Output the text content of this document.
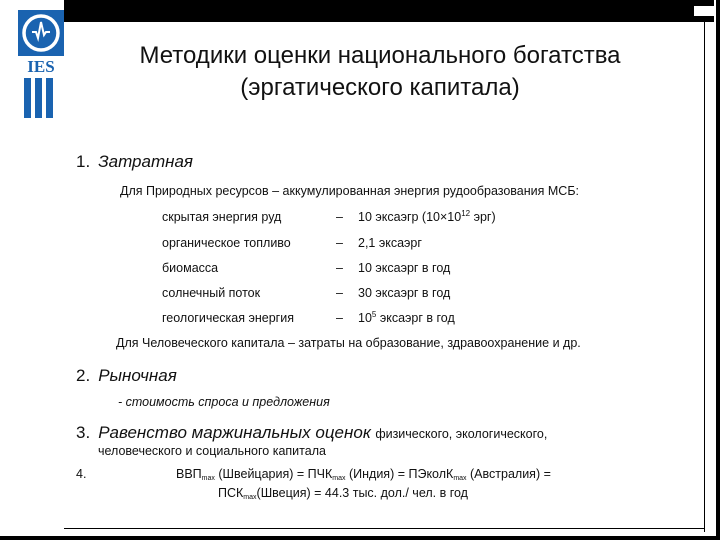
IES	Методики оценки национального богатства
(эргатического капитала)
1. Затратная
Для Природных ресурсов – аккумулированная энергия рудообразования МСБ:
скрытая энергия руд	– 10 эксаэгр ($10\times 10^{12}$ эрг)
органическое топливо	– 2,1 эксаэрг
биомасса	– 10 эксаэрг в год
солнечный поток	– 30 эксаэрг в год
геологическая энергия	– $10^5$ эксаэрг в год
Для Человеческого капитала – затраты на образование, здравоохранение и др.
2. Рыночная
- стоимость спроса и предложения
3. Равенство маржинальных оценок физического, экологического,
человеческого и социального капитала
4.	$ВВП_{max}$ (Швейцария) = $ПЧК_{max}$ (Индия) = ПЭколК$_{max}$ (Австралия) =
$ПСК_{max}(Швеция) = 44.3$ тыс. дол./ чел. в год
